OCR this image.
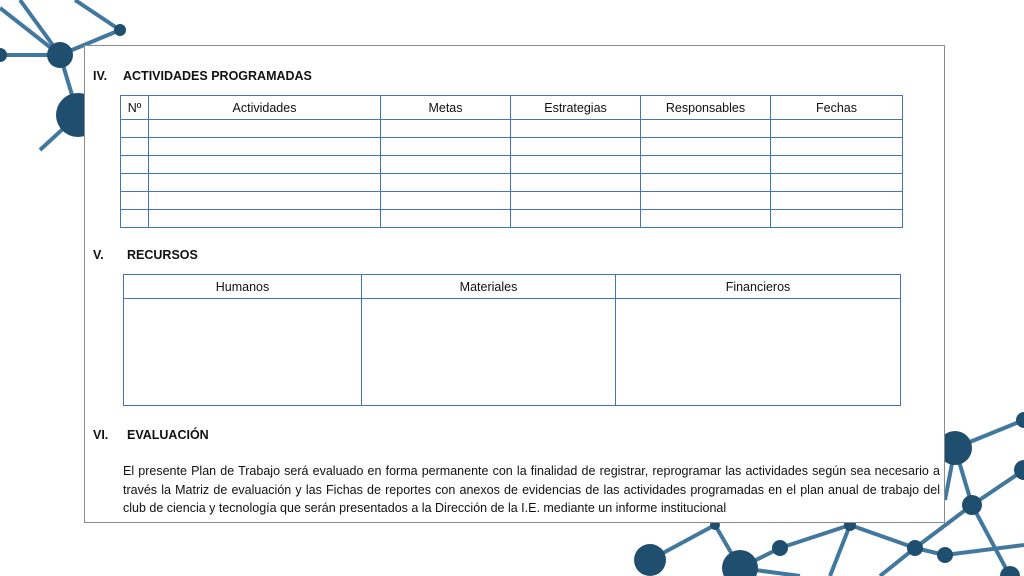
IV. ACTIVIDADES PROGRAMADAS
Nº	Actividades	Metas	Estrategias	Responsables	Fechas

V. RECURSOS
Humanos	Materiales	Financieros

VI. EVALUACIÓN
El presente Plan de Trabajo será evaluado en forma permanente con la finalidad de registrar, reprogramar las actividades según sea necesario a través la Matriz de evaluación y las Fichas de reportes con anexos de evidencias de las actividades programadas en el plan anual de trabajo del club de ciencia y tecnología que serán presentados a la Dirección de la I.E. mediante un informe institucional
